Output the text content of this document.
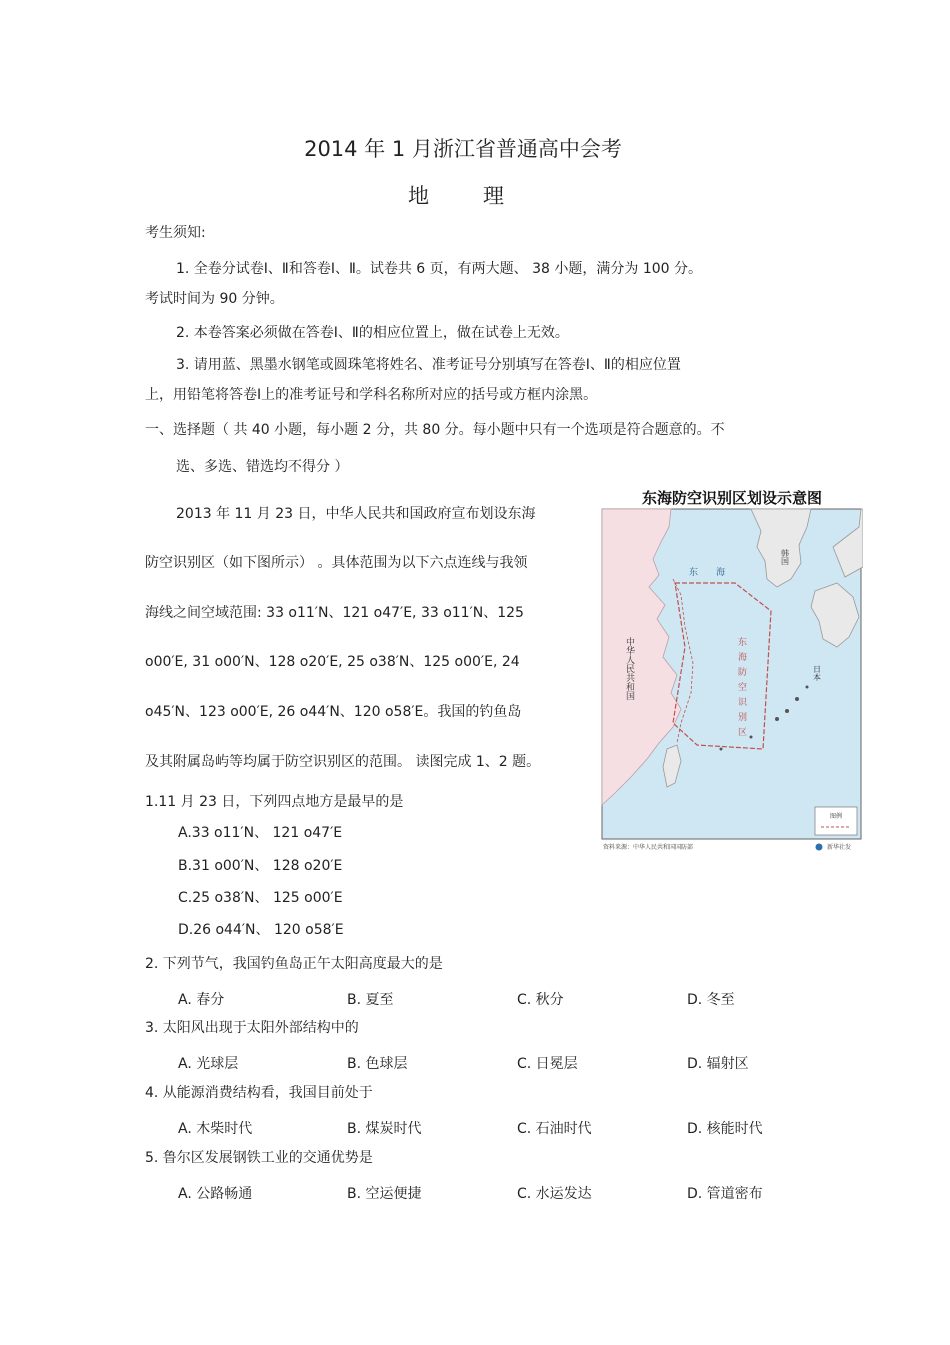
2014 年 1 月浙江省普通高中会考
地理
考生须知:
1. 全卷分试卷Ⅰ、Ⅱ和答卷Ⅰ、Ⅱ。试卷共 6 页，有两大题、 38 小题，满分为 100 分。
考试时间为 90 分钟。
2. 本卷答案必须做在答卷Ⅰ、Ⅱ的相应位置上，做在试卷上无效。
3. 请用蓝、黑墨水钢笔或圆珠笔将姓名、准考证号分别填写在答卷Ⅰ、Ⅱ的相应位置
上，用铅笔将答卷Ⅰ上的准考证号和学科名称所对应的括号或方框内涂黑。
一、选择题（ 共 40 小题，每小题 2 分，共 80 分。每小题中只有一个选项是符合题意的。不
选、多选、错选均不得分 ）
2013 年 11 月 23 日，中华人民共和国政府宣布划设东海
防空识别区（如下图所示） 。具体范围为以下六点连线与我领
海线之间空域范围: 33 o11′N、121 o47′E, 33 o11′N、125
o00′E, 31 o00′N、128 o20′E, 25 o38′N、125 o00′E, 24
o45′N、123 o00′E, 26 o44′N、120 o58′E。我国的钓鱼岛
及其附属岛屿等均属于防空识别区的范围。 读图完成 1、2 题。
东海防空识别区划设示意图
中华人民共和国
东海
东海防空识别区
韩国
日本
图例
资料来源：中华人民共和国国防部	新华社发
1.11 月 23 日，下列四点地方是最早的是
A.33 o11′N、 121 o47′E
B.31 o00′N、 128 o20′E
C.25 o38′N、 125 o00′E
D.26 o44′N、 120 o58′E
2. 下列节气，我国钓鱼岛正午太阳高度最大的是
A. 春分	B. 夏至	C. 秋分	D. 冬至
3. 太阳风出现于太阳外部结构中的
A. 光球层	B. 色球层	C. 日冕层	D. 辐射区
4. 从能源消费结构看，我国目前处于
A. 木柴时代	B. 煤炭时代	C. 石油时代	D. 核能时代
5. 鲁尔区发展钢铁工业的交通优势是
A. 公路畅通	B. 空运便捷	C. 水运发达	D. 管道密布
